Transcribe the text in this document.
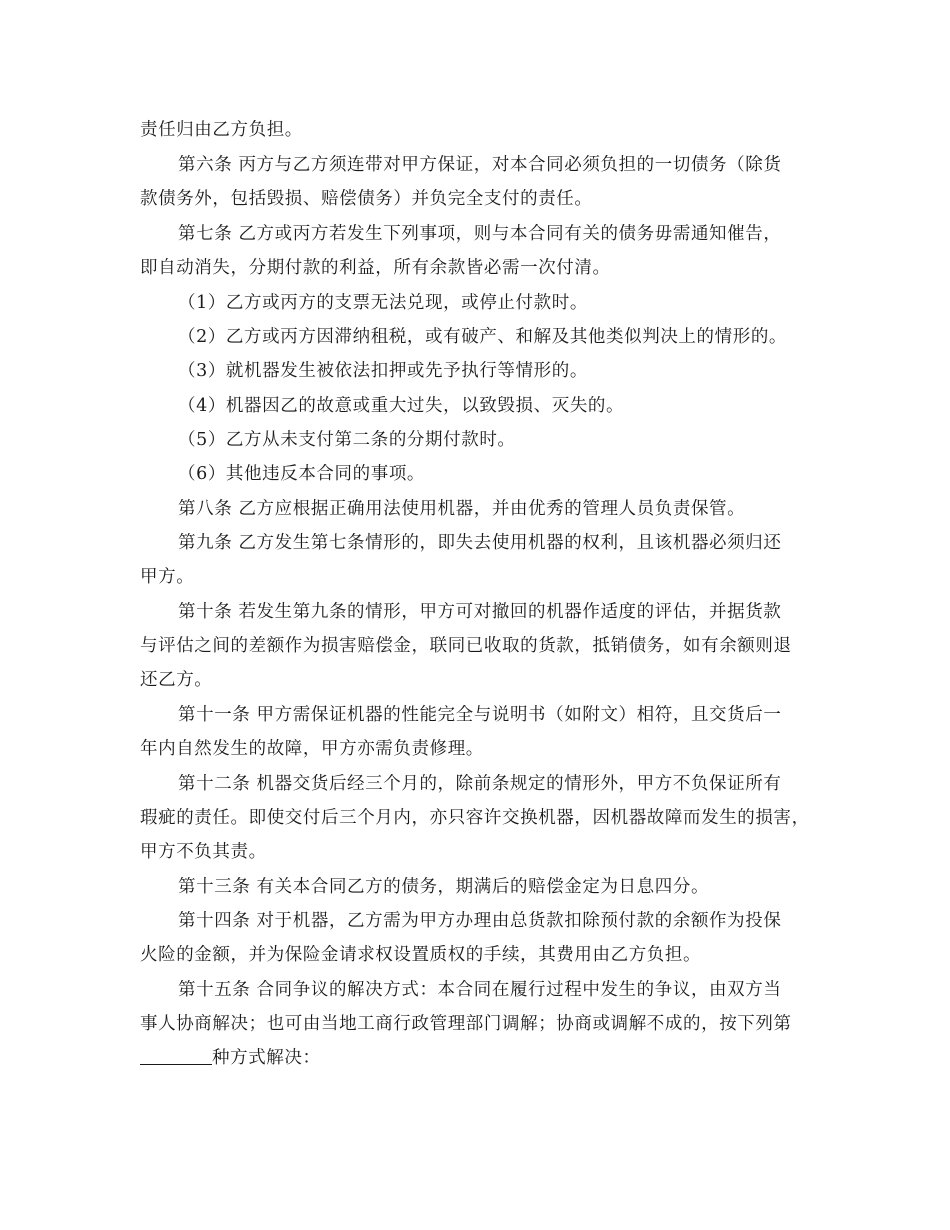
责任归由乙方负担。
第六条 丙方与乙方须连带对甲方保证，对本合同必须负担的一切债务（除货
款债务外，包括毁损、赔偿债务）并负完全支付的责任。
第七条 乙方或丙方若发生下列事项，则与本合同有关的债务毋需通知催告，
即自动消失，分期付款的利益，所有余款皆必需一次付清。
（1）乙方或丙方的支票无法兑现，或停止付款时。
（2）乙方或丙方因滞纳租税，或有破产、和解及其他类似判决上的情形的。
（3）就机器发生被依法扣押或先予执行等情形的。
（4）机器因乙的故意或重大过失，以致毁损、灭失的。
（5）乙方从未支付第二条的分期付款时。
（6）其他违反本合同的事项。
第八条 乙方应根据正确用法使用机器，并由优秀的管理人员负责保管。
第九条 乙方发生第七条情形的，即失去使用机器的权利，且该机器必须归还
甲方。
第十条 若发生第九条的情形，甲方可对撤回的机器作适度的评估，并据货款
与评估之间的差额作为损害赔偿金，联同已收取的货款，抵销债务，如有余额则退
还乙方。
第十一条 甲方需保证机器的性能完全与说明书（如附文）相符，且交货后一
年内自然发生的故障，甲方亦需负责修理。
第十二条 机器交货后经三个月的，除前条规定的情形外，甲方不负保证所有
瑕疵的责任。即使交付后三个月内，亦只容许交换机器，因机器故障而发生的损害，
甲方不负其责。
第十三条 有关本合同乙方的债务，期满后的赔偿金定为日息四分。
第十四条 对于机器，乙方需为甲方办理由总货款扣除预付款的余额作为投保
火险的金额，并为保险金请求权设置质权的手续，其费用由乙方负担。
第十五条 合同争议的解决方式：本合同在履行过程中发生的争议，由双方当
事人协商解决；也可由当地工商行政管理部门调解；协商或调解不成的，按下列第
种方式解决：
